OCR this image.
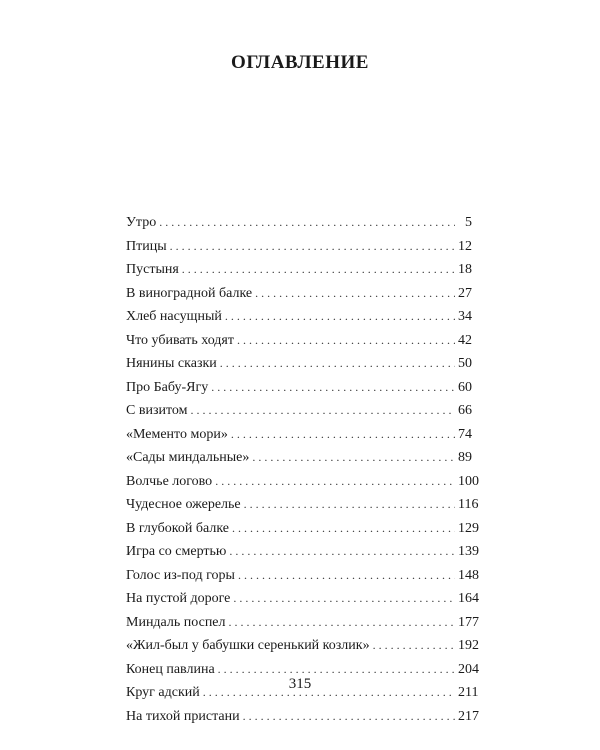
ОГЛАВЛЕНИЕ
Утро . . .	5
Птицы . . .	12
Пустыня . . .	18
В виноградной балке . . .	27
Хлеб насущный . . .	34
Что убивать ходят . . .	42
Нянины сказки . . .	50
Про Бабу-Ягу . . .	60
С визитом . . .	66
«Мементо мори» . . .	74
«Сады миндальные» . . .	89
Волчье логово . . .	100
Чудесное ожерелье . . .	116
В глубокой балке . . .	129
Игра со смертью . . .	139
Голос из-под горы . . .	148
На пустой дороге . . .	164
Миндаль поспел . . .	177
«Жил-был у бабушки серенький козлик» . . .	192
Конец павлина . . .	204
Круг адский . . .	211
На тихой пристани . . .	217
315
